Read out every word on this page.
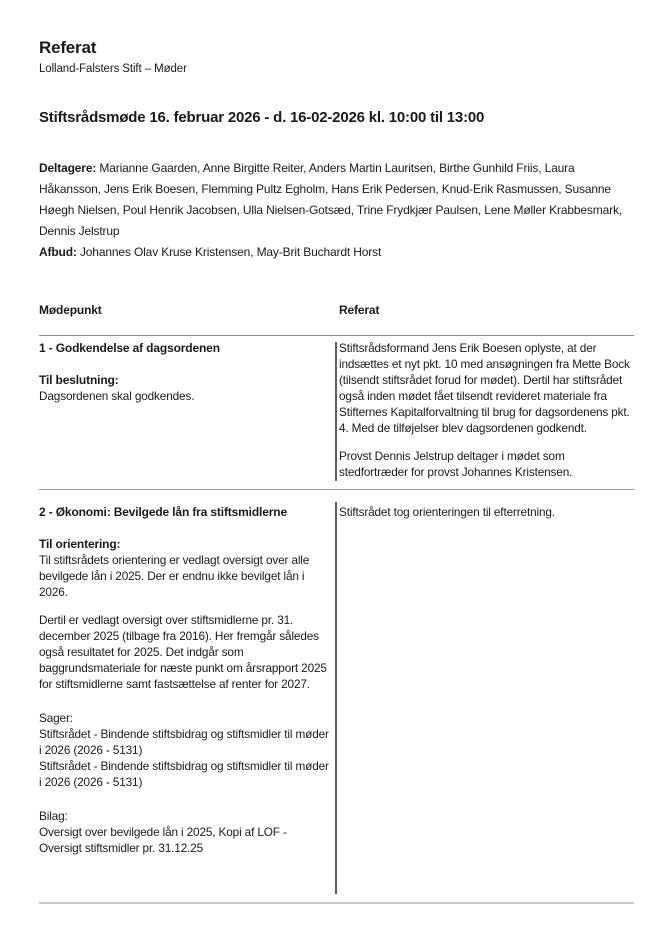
Referat
Lolland-Falsters Stift – Møder
Stiftsrådsmøde 16. februar 2026 - d. 16-02-2026 kl. 10:00 til 13:00
Deltagere: Marianne Gaarden, Anne Birgitte Reiter, Anders Martin Lauritsen, Birthe Gunhild Friis, Laura Håkansson, Jens Erik Boesen, Flemming Pultz Egholm, Hans Erik Pedersen, Knud-Erik Rasmussen, Susanne Høegh Nielsen, Poul Henrik Jacobsen, Ulla Nielsen-Gotsæd, Trine Frydkjær Paulsen, Lene Møller Krabbesmark, Dennis Jelstrup
Afbud: Johannes Olav Kruse Kristensen, May-Brit Buchardt Horst
Mødepunkt	Referat
1 - Godkendelse af dagsordenen
Til beslutning:
Dagsordenen skal godkendes.

Stiftsrådsformand Jens Erik Boesen oplyste, at der indsættes et nyt pkt. 10 med ansøgningen fra Mette Bock (tilsendt stiftsrådet forud for mødet). Dertil har stiftsrådet også inden mødet fået tilsendt revideret materiale fra Stifternes Kapitalforvaltning til brug for dagsordenens pkt. 4. Med de tilføjelser blev dagsordenen godkendt.

Provst Dennis Jelstrup deltager i mødet som stedfortræder for provst Johannes Kristensen.

2 - Økonomi: Bevilgede lån fra stiftsmidlerne
Til orientering:

Til stiftsrådets orientering er vedlagt oversigt over alle bevilgede lån i 2025. Der er endnu ikke bevilget lån i 2026.

Dertil er vedlagt oversigt over stiftsmidlerne pr. 31. december 2025 (tilbage fra 2016). Her fremgår således også resultatet for 2025. Det indgår som baggrundsmateriale for næste punkt om årsrapport 2025 for stiftsmidlerne samt fastsættelse af renter for 2027.

Sager:
Stiftsrådet - Bindende stiftsbidrag og stiftsmidler til møder i 2026 (2026 - 5131)
Stiftsrådet - Bindende stiftsbidrag og stiftsmidler til møder i 2026 (2026 - 5131)
Bilag:
Oversigt over bevilgede lån i 2025, Kopi af LOF - Oversigt stiftsmidler pr. 31.12.25

Stiftsrådet tog orienteringen til efterretning.
